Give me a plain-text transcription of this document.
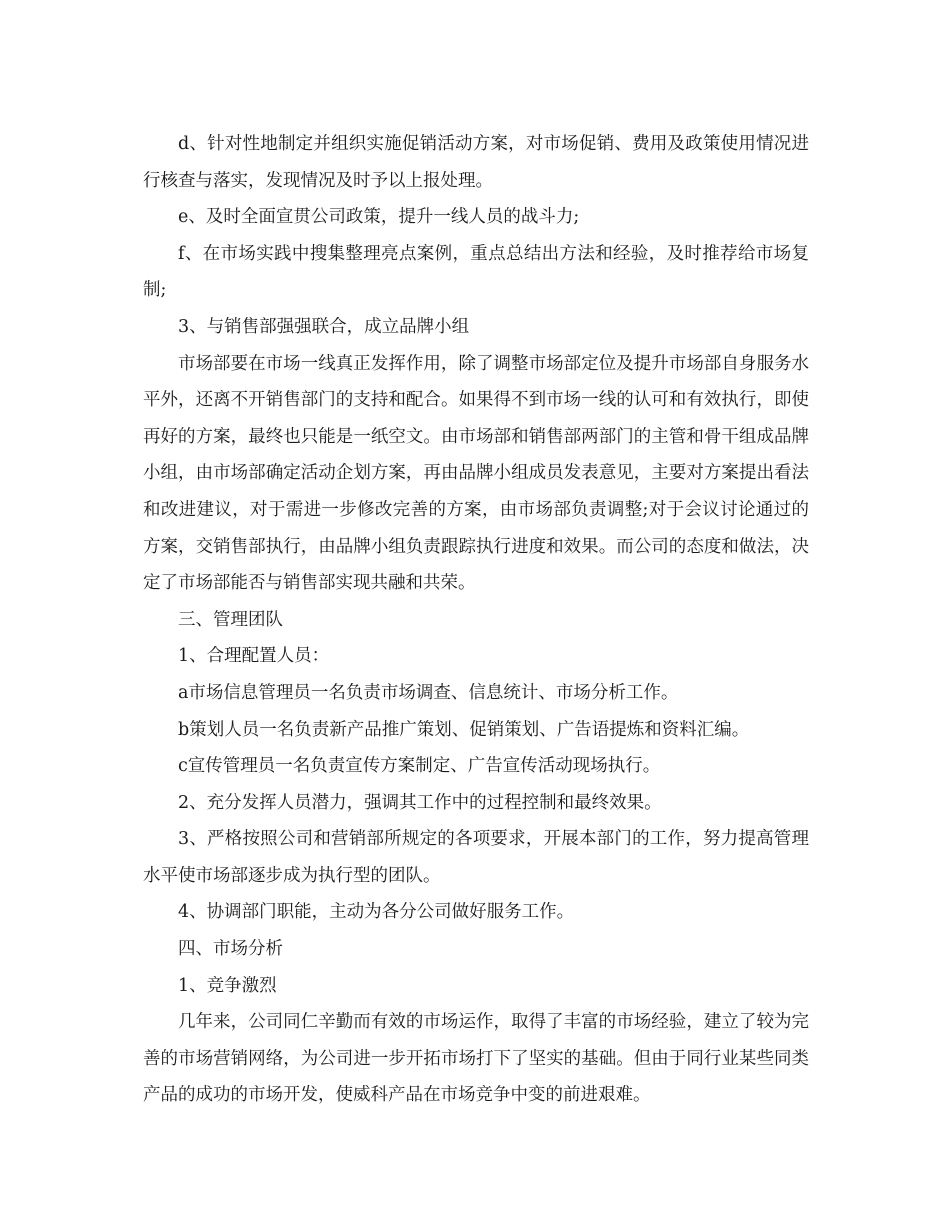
d、针对性地制定并组织实施促销活动方案，对市场促销、费用及政策使用情况进行核查与落实，发现情况及时予以上报处理。

e、及时全面宣贯公司政策，提升一线人员的战斗力;

f、在市场实践中搜集整理亮点案例，重点总结出方法和经验，及时推荐给市场复制;

3、与销售部强强联合，成立品牌小组

市场部要在市场一线真正发挥作用，除了调整市场部定位及提升市场部自身服务水平外，还离不开销售部门的支持和配合。如果得不到市场一线的认可和有效执行，即使再好的方案，最终也只能是一纸空文。由市场部和销售部两部门的主管和骨干组成品牌小组，由市场部确定活动企划方案，再由品牌小组成员发表意见，主要对方案提出看法和改进建议，对于需进一步修改完善的方案，由市场部负责调整;对于会议讨论通过的方案，交销售部执行，由品牌小组负责跟踪执行进度和效果。而公司的态度和做法，决定了市场部能否与销售部实现共融和共荣。

三、管理团队

1、合理配置人员：

a市场信息管理员一名负责市场调查、信息统计、市场分析工作。

b策划人员一名负责新产品推广策划、促销策划、广告语提炼和资料汇编。

c宣传管理员一名负责宣传方案制定、广告宣传活动现场执行。

2、充分发挥人员潜力，强调其工作中的过程控制和最终效果。

3、严格按照公司和营销部所规定的各项要求，开展本部门的工作，努力提高管理水平使市场部逐步成为执行型的团队。

4、协调部门职能，主动为各分公司做好服务工作。

四、市场分析

1、竞争激烈

几年来，公司同仁辛勤而有效的市场运作，取得了丰富的市场经验，建立了较为完善的市场营销网络，为公司进一步开拓市场打下了坚实的基础。但由于同行业某些同类产品的成功的市场开发，使威科产品在市场竞争中变的前进艰难。
